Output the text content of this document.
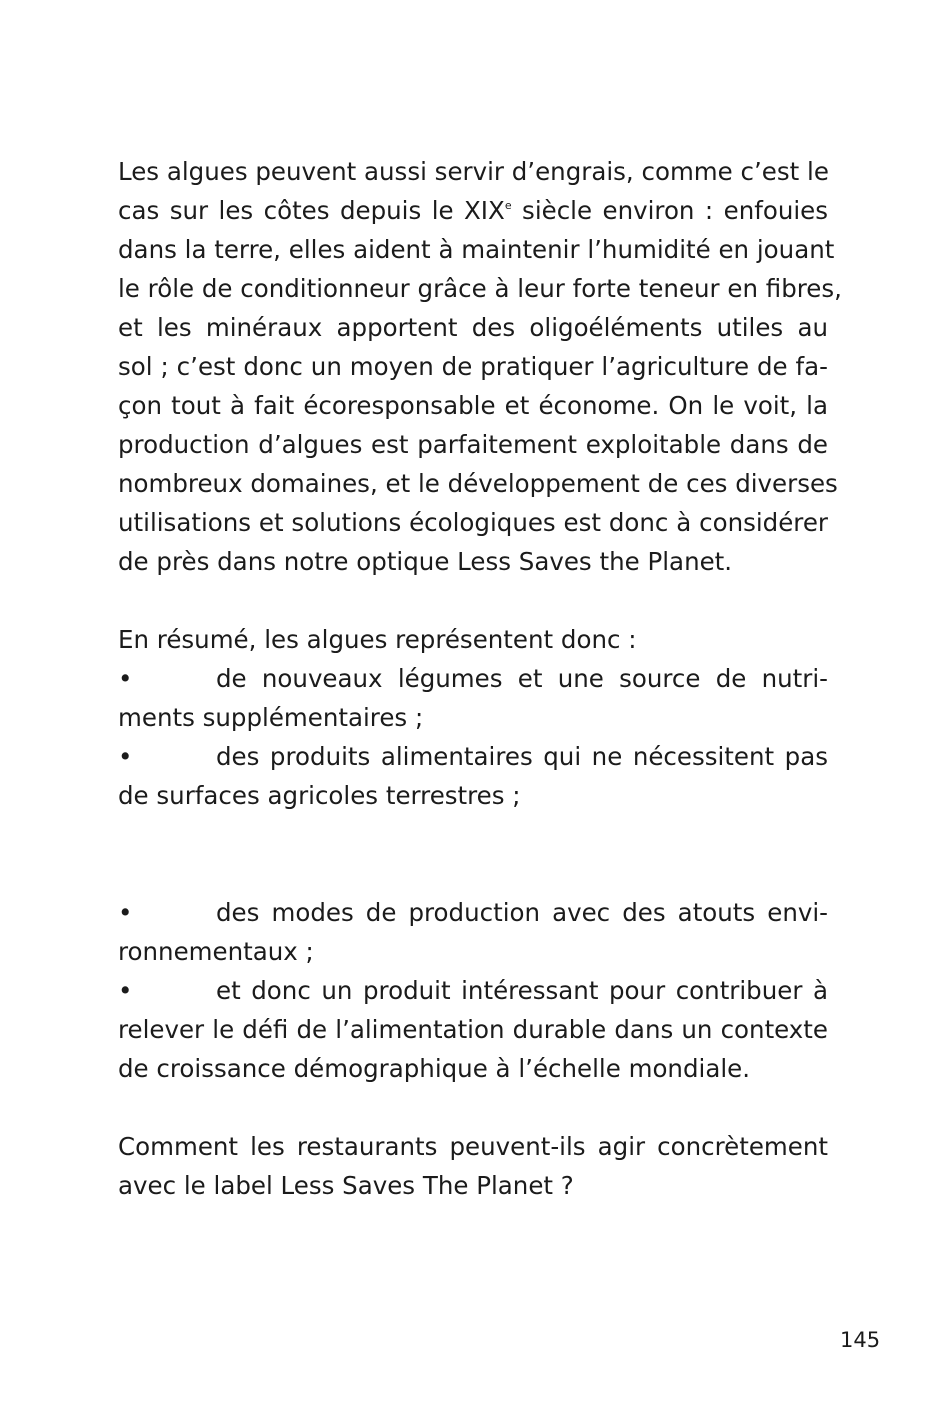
Les algues peuvent aussi servir d’engrais, comme c’est le
cas sur les côtes depuis le XIXe siècle environ : enfouies
dans la terre, elles aident à maintenir l’humidité en jouant
le rôle de conditionneur grâce à leur forte teneur en fibres,
et les minéraux apportent des oligoéléments utiles au
sol ; c’est donc un moyen de pratiquer l’agriculture de fa-
çon tout à fait écoresponsable et économe. On le voit, la
production d’algues est parfaitement exploitable dans de
nombreux domaines, et le développement de ces diverses
utilisations et solutions écologiques est donc à considérer
de près dans notre optique Less Saves the Planet.
En résumé, les algues représentent donc :
•	de nouveaux légumes et une source de nutri-
ments supplémentaires ;
•	des produits alimentaires qui ne nécessitent pas
de surfaces agricoles terrestres ;
•	des modes de production avec des atouts envi-
ronnementaux ;
•	et donc un produit intéressant pour contribuer à
relever le défi de l’alimentation durable dans un contexte
de croissance démographique à l’échelle mondiale.
Comment les restaurants peuvent-ils agir concrètement
avec le label Less Saves The Planet ?
145
